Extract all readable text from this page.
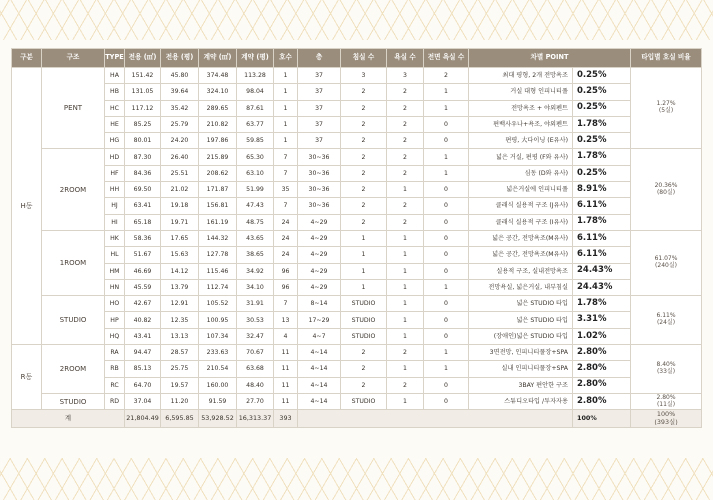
구분	구조	TYPE	전용 (㎡)	전용 (평)	계약 (㎡)	계약 (평)	호수	층	침실 수	욕실 수	전면 욕실 수	차별 POINT		타입별 호실 비율
H동	PENT	HA	151.42	45.80	374.48	113.28	1	37	3	3	2	최대 평형, 2개 전망욕조	0.25%	1.27%
(5실)

		HB	131.05	39.64	324.10	98.04	1	37	2	2	1	거실 대형 인피니티풀	0.25%	
		HC	117.12	35.42	289.65	87.61	1	37	2	2	1	전망욕조 + 야외펜트	0.25%	
		HE	85.25	25.79	210.82	63.77	1	37	2	2	0	편백사우나+욕조, 야외펜트	1.78%	
		HG	80.01	24.20	197.86	59.85	1	37	2	2	0	편평, 大다이닝 (E유사)	0.25%	
	2ROOM	HD	87.30	26.40	215.89	65.30	7	30~36	2	2	1	넓은 거실, 편평 (F와 유사)	1.78%	20.36%
(80실)

		HF	84.36	25.51	208.62	63.10	7	30~36	2	2	1	심동 (D와 유사)	0.25%	
		HH	69.50	21.02	171.87	51.99	35	30~36	2	1	0	넓은거실에 인피니티풀	8.91%	
		HJ	63.41	19.18	156.81	47.43	7	30~36	2	2	0	클래식 실용적 구조 (J유사)	6.11%	
		HI	65.18	19.71	161.19	48.75	24	4~29	2	2	0	클래식 실용적 구조 (I유사)	1.78%	
	1ROOM	HK	58.36	17.65	144.32	43.65	24	4~29	1	1	0	넓은 공간, 전망욕조(M유사)	6.11%	61.07%
(240실)

		HL	51.67	15.63	127.78	38.65	24	4~29	1	1	0	넓은 공간, 전망욕조(M유사)	6.11%	
		HM	46.69	14.12	115.46	34.92	96	4~29	1	1	0	실용적 구조, 실내전망욕조	24.43%	
		HN	45.59	13.79	112.74	34.10	96	4~29	1	1	1	전망욕실, 넓은거실, 내부침실	24.43%	
	STUDIO	HO	42.67	12.91	105.52	31.91	7	8~14	STUDIO	1	0	넓은 STUDIO 타입	1.78%	6.11%
(24실)

		HP	40.82	12.35	100.95	30.53	13	17~29	STUDIO	1	0	넓은 STUDIO 타입	3.31%	
		HQ	43.41	13.13	107.34	32.47	4	4~7	STUDIO	1	0	(장애인)넓은 STUDIO 타입	1.02%	
R동	2ROOM	RA	94.47	28.57	233.63	70.67	11	4~14	2	2	1	3면전망, 인피니티풀장+SPA	2.80%	8.40%
(33실)

		RB	85.13	25.75	210.54	63.68	11	4~14	2	1	1	실내 인피니티풀장+SPA	2.80%	
		RC	64.70	19.57	160.00	48.40	11	4~14	2	2	0	3BAY 편안한 구조	2.80%	
	STUDIO	RD	37.04	11.20	91.59	27.70	11	4~14	STUDIO	1	0	스튜디오타입 /투자자용	2.80%	2.80%
(11실)

계			21,804.49	6,595.85	53,928.52	16,313.37	393						100%	100%
(393실)
